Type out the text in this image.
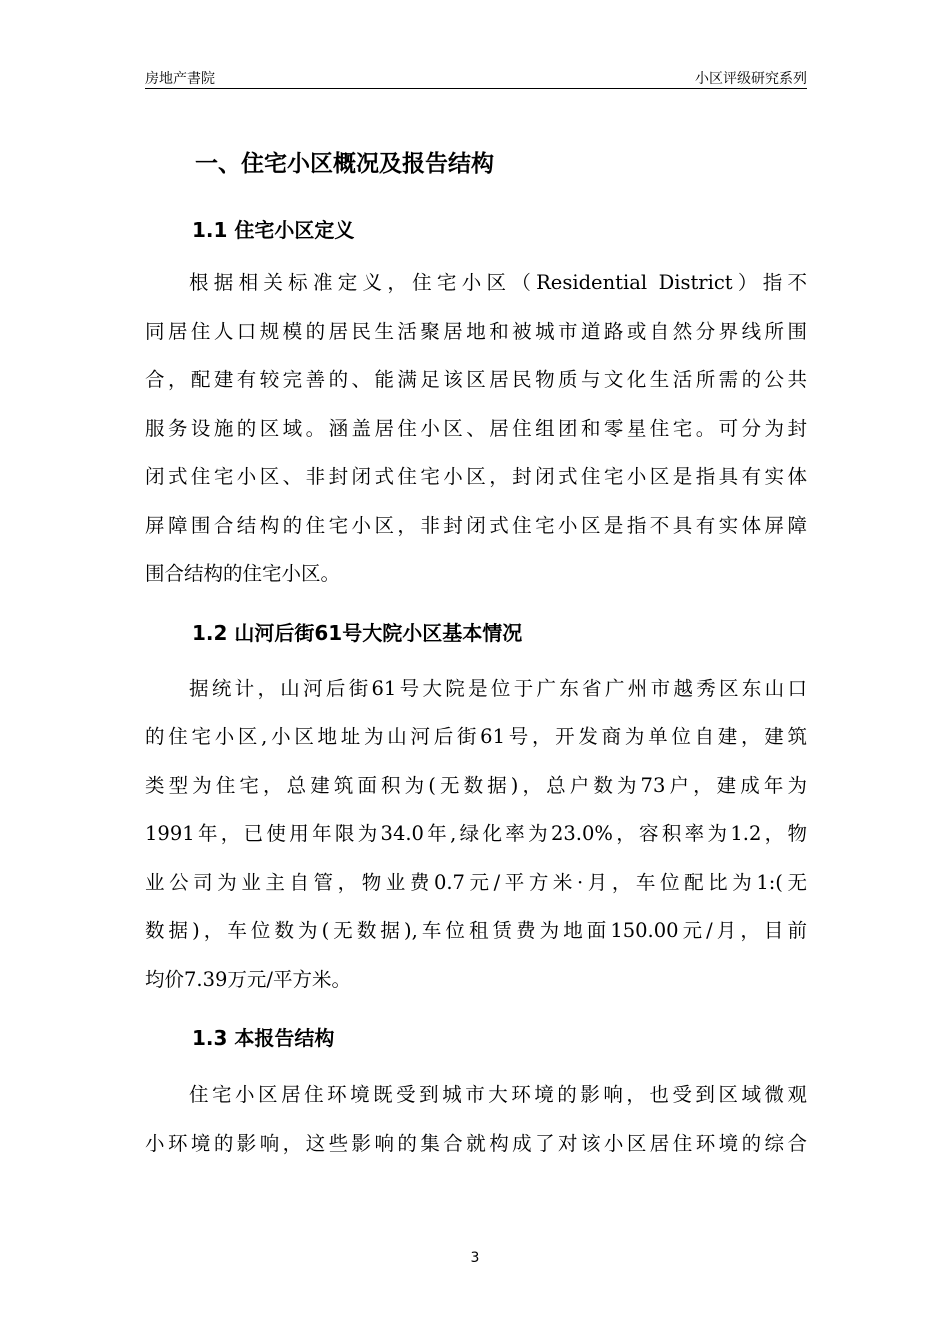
房地产書院	小区评级研究系列
一、住宅小区概况及报告结构
1.1 住宅小区定义
根据相关标准定义，住宅小区（Residential District）指不
同居住人口规模的居民生活聚居地和被城市道路或自然分界线所围
合，配建有较完善的、能满足该区居民物质与文化生活所需的公共
服务设施的区域。涵盖居住小区、居住组团和零星住宅。可分为封
闭式住宅小区、非封闭式住宅小区，封闭式住宅小区是指具有实体
屏障围合结构的住宅小区，非封闭式住宅小区是指不具有实体屏障
围合结构的住宅小区。
1.2 山河后街61号大院小区基本情况
据统计，山河后街61号大院是位于广东省广州市越秀区东山口
的住宅小区,小区地址为山河后街61号，开发商为单位自建，建筑
类型为住宅，总建筑面积为(无数据)，总户数为73户，建成年为
1991年，已使用年限为34.0年,绿化率为23.0%，容积率为1.2，物
业公司为业主自管，物业费0.7元/平方米·月，车位配比为1:(无
数据)，车位数为(无数据),车位租赁费为地面150.00元/月，目前
均价7.39万元/平方米。
1.3 本报告结构
住宅小区居住环境既受到城市大环境的影响，也受到区域微观
小环境的影响，这些影响的集合就构成了对该小区居住环境的综合
3
